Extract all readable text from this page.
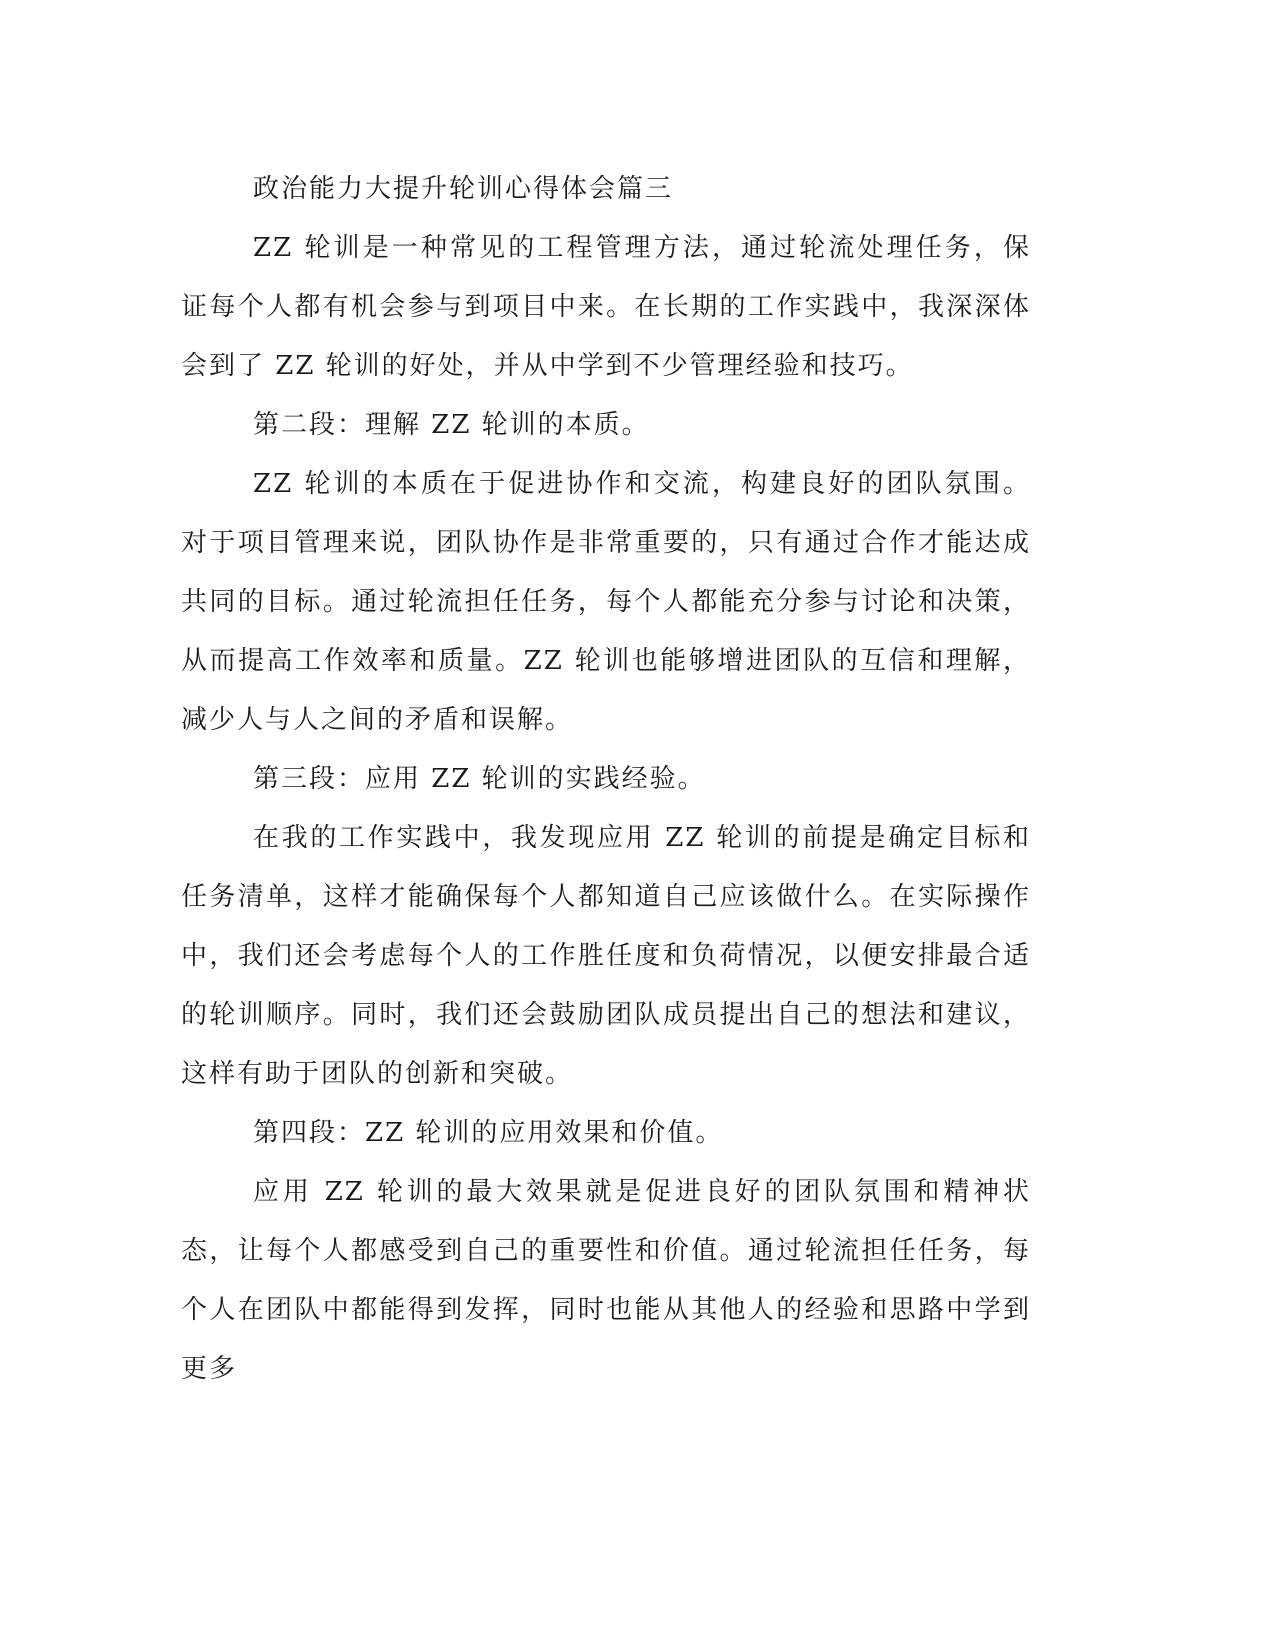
政治能力大提升轮训心得体会篇三

ZZ 轮训是一种常见的工程管理方法，通过轮流处理任务，保证每个人都有机会参与到项目中来。在长期的工作实践中，我深深体会到了 ZZ 轮训的好处，并从中学到不少管理经验和技巧。

第二段：理解 ZZ 轮训的本质。

ZZ 轮训的本质在于促进协作和交流，构建良好的团队氛围。对于项目管理来说，团队协作是非常重要的，只有通过合作才能达成共同的目标。通过轮流担任任务，每个人都能充分参与讨论和决策，从而提高工作效率和质量。ZZ 轮训也能够增进团队的互信和理解，减少人与人之间的矛盾和误解。

第三段：应用 ZZ 轮训的实践经验。

在我的工作实践中，我发现应用 ZZ 轮训的前提是确定目标和任务清单，这样才能确保每个人都知道自己应该做什么。在实际操作中，我们还会考虑每个人的工作胜任度和负荷情况，以便安排最合适的轮训顺序。同时，我们还会鼓励团队成员提出自己的想法和建议，这样有助于团队的创新和突破。

第四段：ZZ 轮训的应用效果和价值。

应用 ZZ 轮训的最大效果就是促进良好的团队氛围和精神状态，让每个人都感受到自己的重要性和价值。通过轮流担任任务，每个人在团队中都能得到发挥，同时也能从其他人的经验和思路中学到更多
